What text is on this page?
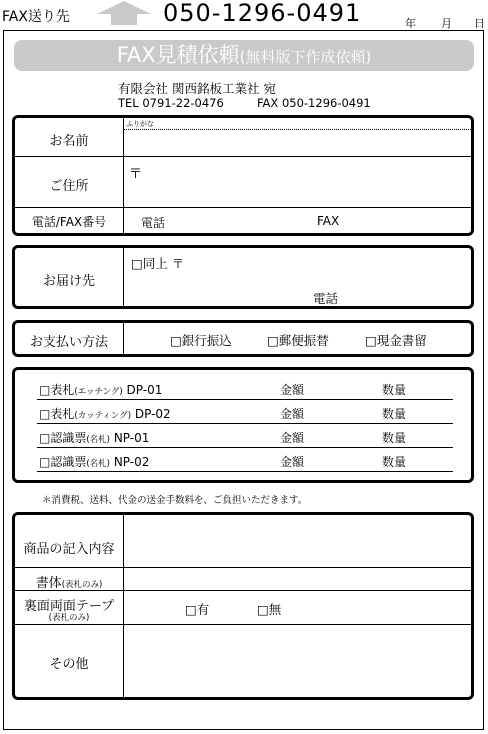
FAX送り先	050-1296-0491	年 月 日
FAX見積依頼(無料版下作成依頼)
有限会社 関西銘板工業社 宛
TEL 0791-22-0476	FAX 050-1296-0491
お名前
ふりがな
ご住所
〒
電話/FAX番号	電話	FAX
お届け先
□同上 〒
電話
お支払い方法	□銀行振込	□郵便振替	□現金書留
□表札(エッチング) DP-01	金額	数量
□表札(カッティング) DP-02	金額	数量
□認識票(名札) NP-01	金額	数量
□認識票(名札) NP-02	金額	数量
＊消費税、送料、代金の送金手数料を、ご負担いただきます。
商品の記入内容
書体(表札のみ)
裏面両面テープ
(表札のみ)
□有	□無
その他
